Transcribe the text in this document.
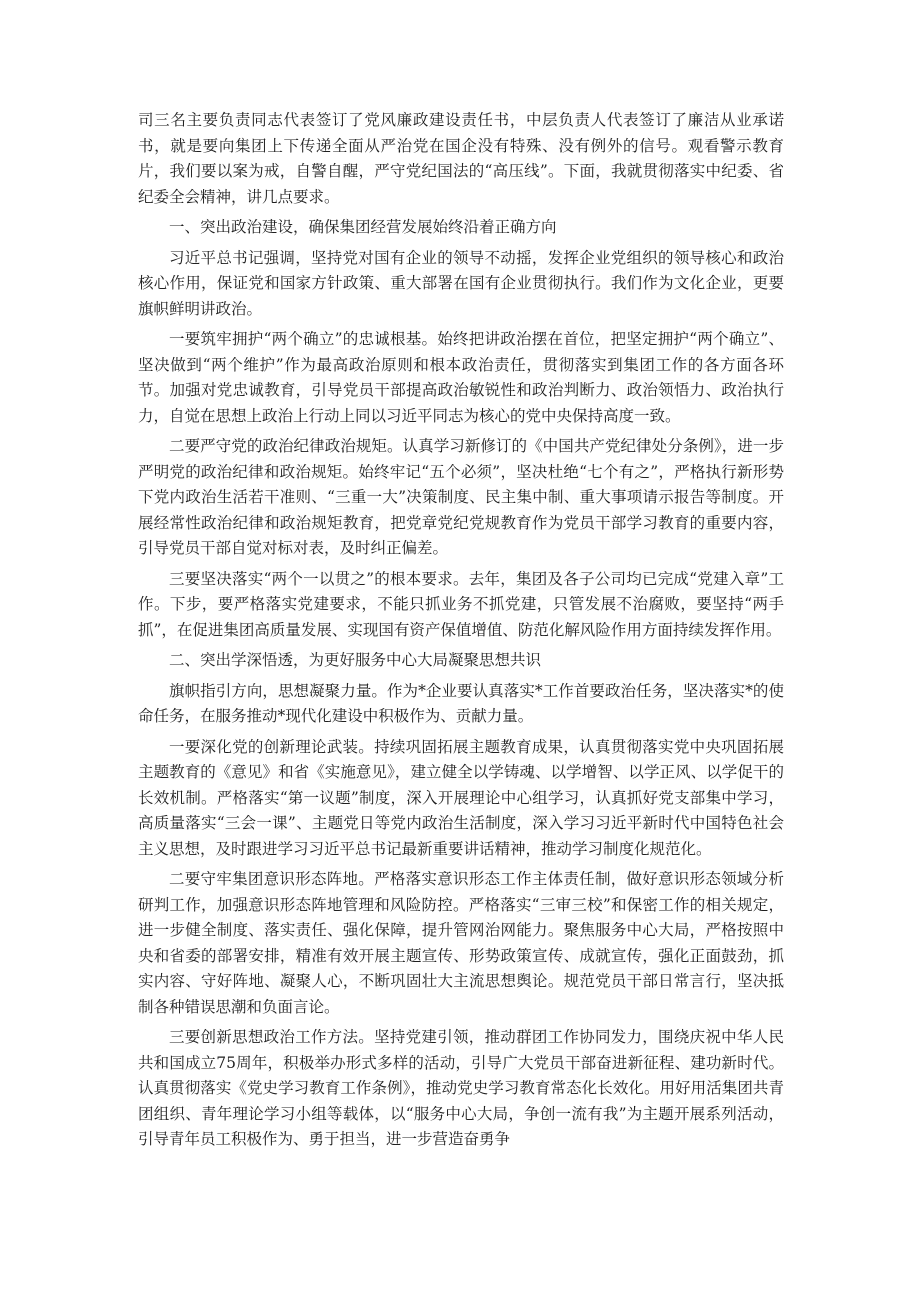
司三名主要负责同志代表签订了党风廉政建设责任书，中层负责人代表签订了廉洁从业承诺书，就是要向集团上下传递全面从严治党在国企没有特殊、没有例外的信号。观看警示教育片，我们要以案为戒，自警自醒，严守党纪国法的“高压线”。下面，我就贯彻落实中纪委、省纪委全会精神，讲几点要求。

一、突出政治建设，确保集团经营发展始终沿着正确方向

习近平总书记强调，坚持党对国有企业的领导不动摇，发挥企业党组织的领导核心和政治核心作用，保证党和国家方针政策、重大部署在国有企业贯彻执行。我们作为文化企业，更要旗帜鲜明讲政治。

一要筑牢拥护“两个确立”的忠诚根基。始终把讲政治摆在首位，把坚定拥护“两个确立”、坚决做到“两个维护”作为最高政治原则和根本政治责任，贯彻落实到集团工作的各方面各环节。加强对党忠诚教育，引导党员干部提高政治敏锐性和政治判断力、政治领悟力、政治执行力，自觉在思想上政治上行动上同以习近平同志为核心的党中央保持高度一致。

二要严守党的政治纪律政治规矩。认真学习新修订的《中国共产党纪律处分条例》，进一步严明党的政治纪律和政治规矩。始终牢记“五个必须”，坚决杜绝“七个有之”，严格执行新形势下党内政治生活若干准则、“三重一大”决策制度、民主集中制、重大事项请示报告等制度。开展经常性政治纪律和政治规矩教育，把党章党纪党规教育作为党员干部学习教育的重要内容，引导党员干部自觉对标对表，及时纠正偏差。

三要坚决落实“两个一以贯之”的根本要求。去年，集团及各子公司均已完成“党建入章”工作。下步，要严格落实党建要求，不能只抓业务不抓党建，只管发展不治腐败，要坚持“两手抓”，在促进集团高质量发展、实现国有资产保值增值、防范化解风险作用方面持续发挥作用。

二、突出学深悟透，为更好服务中心大局凝聚思想共识

旗帜指引方向，思想凝聚力量。作为*企业要认真落实*工作首要政治任务，坚决落实*的使命任务，在服务推动*现代化建设中积极作为、贡献力量。

一要深化党的创新理论武装。持续巩固拓展主题教育成果，认真贯彻落实党中央巩固拓展主题教育的《意见》和省《实施意见》，建立健全以学铸魂、以学增智、以学正风、以学促干的长效机制。严格落实“第一议题”制度，深入开展理论中心组学习，认真抓好党支部集中学习，高质量落实“三会一课”、主题党日等党内政治生活制度，深入学习习近平新时代中国特色社会主义思想，及时跟进学习习近平总书记最新重要讲话精神，推动学习制度化规范化。

二要守牢集团意识形态阵地。严格落实意识形态工作主体责任制，做好意识形态领域分析研判工作，加强意识形态阵地管理和风险防控。严格落实“三审三校”和保密工作的相关规定，进一步健全制度、落实责任、强化保障，提升管网治网能力。聚焦服务中心大局，严格按照中央和省委的部署安排，精准有效开展主题宣传、形势政策宣传、成就宣传，强化正面鼓劲，抓实内容、守好阵地、凝聚人心，不断巩固壮大主流思想舆论。规范党员干部日常言行，坚决抵制各种错误思潮和负面言论。

三要创新思想政治工作方法。坚持党建引领，推动群团工作协同发力，围绕庆祝中华人民共和国成立75周年，积极举办形式多样的活动，引导广大党员干部奋进新征程、建功新时代。认真贯彻落实《党史学习教育工作条例》，推动党史学习教育常态化长效化。用好用活集团共青团组织、青年理论学习小组等载体，以“服务中心大局，争创一流有我”为主题开展系列活动，引导青年员工积极作为、勇于担当，进一步营造奋勇争
